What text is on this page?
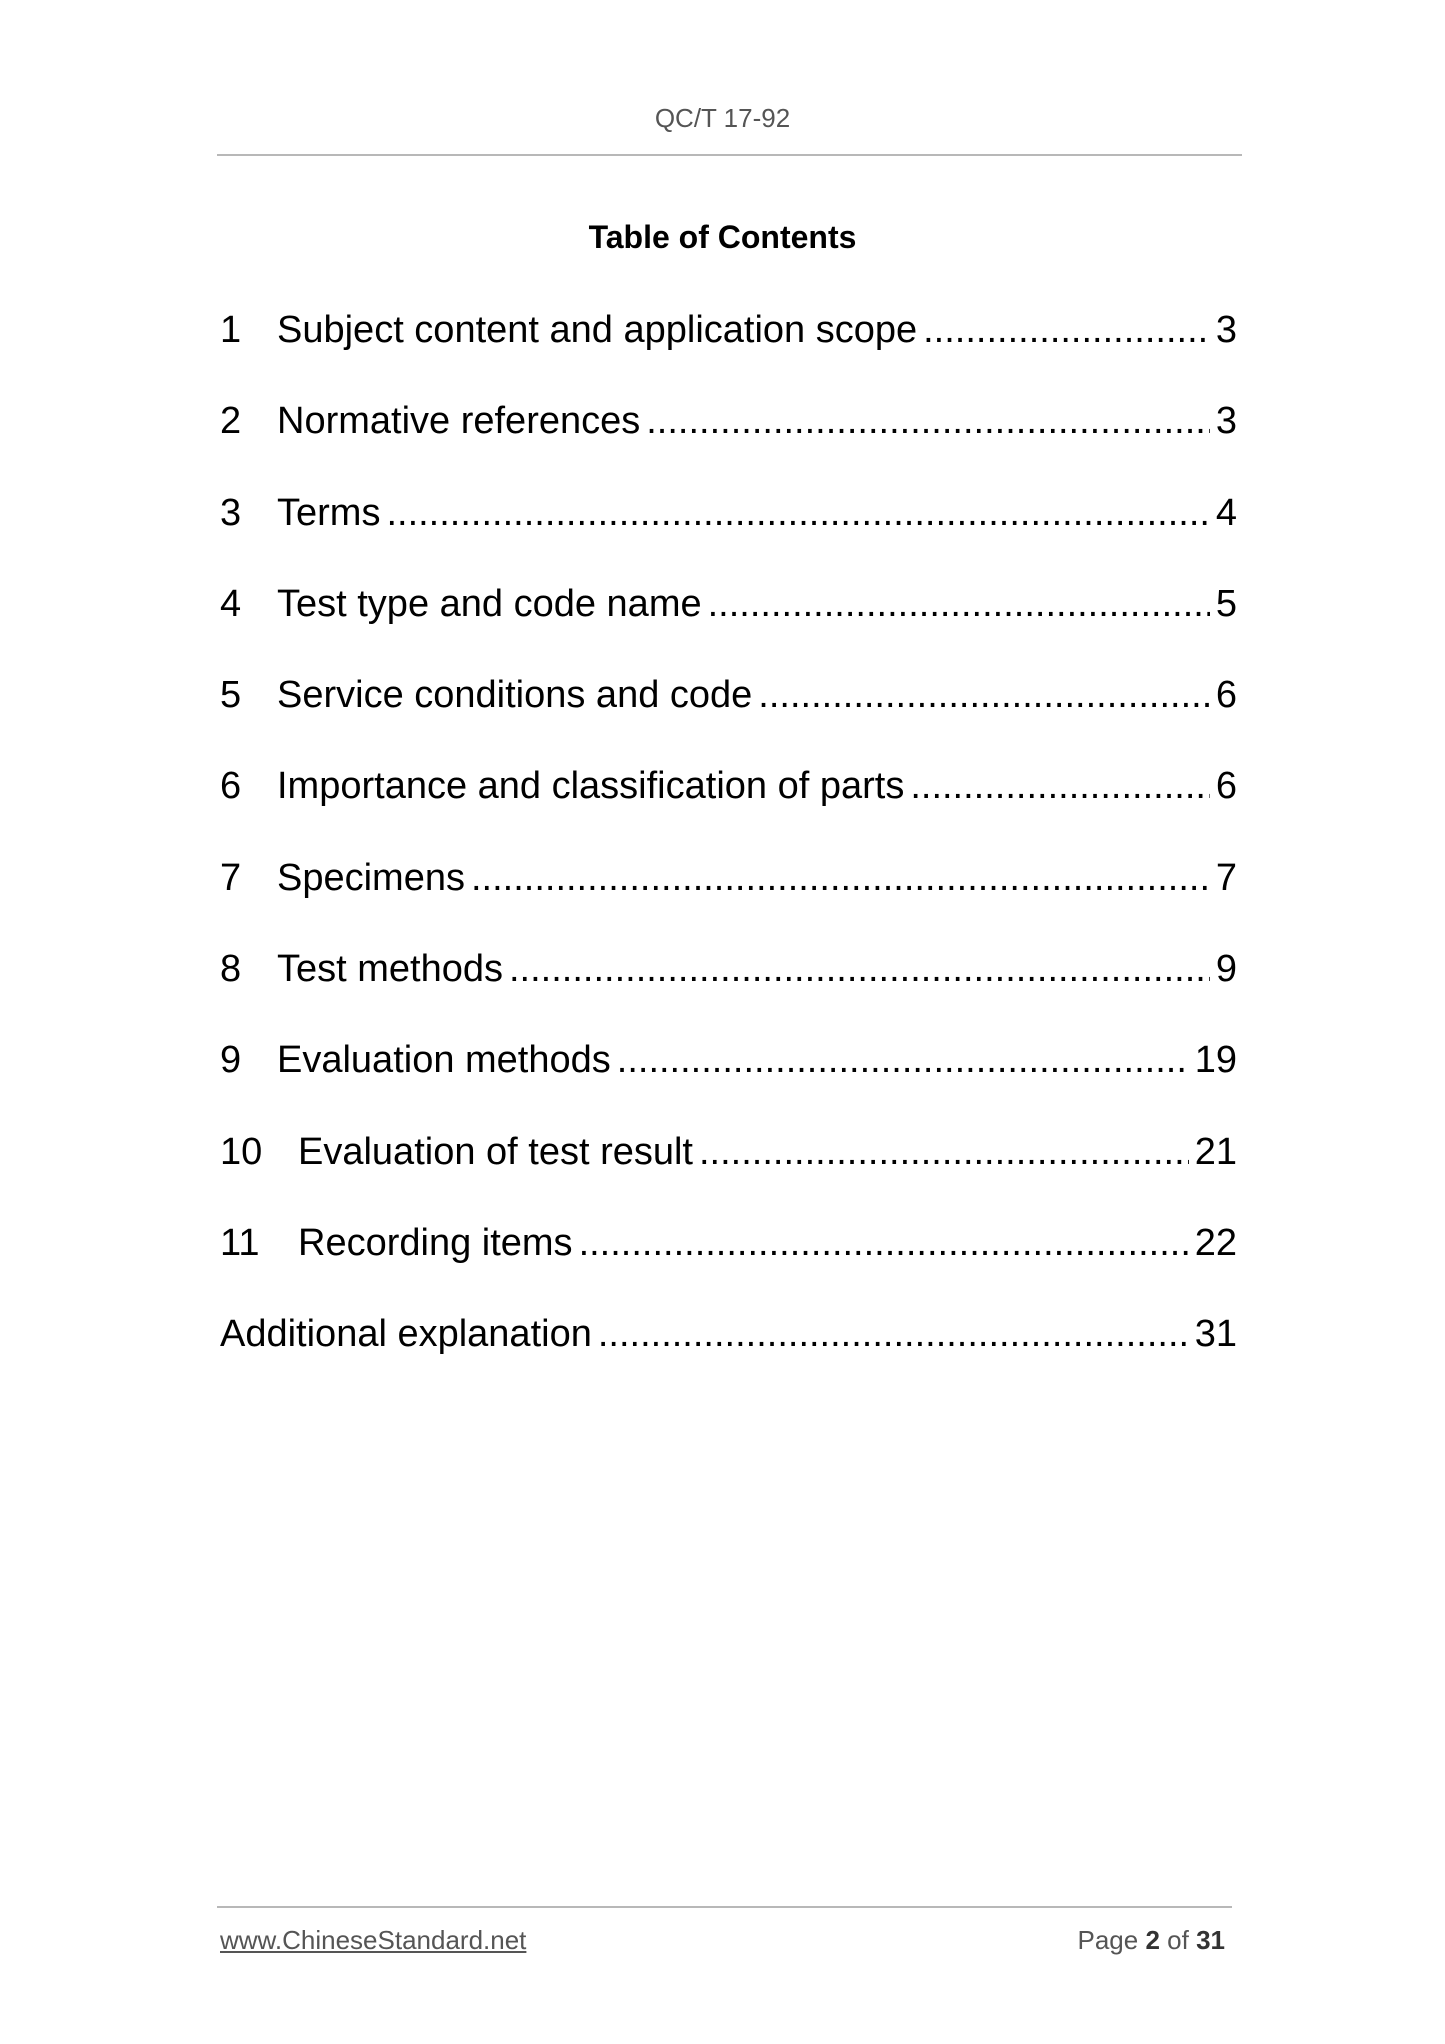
QC/T 17-92
Table of Contents
1 Subject content and application scope .....	3
2 Normative references .....	3
3 Terms .....	4
4 Test type and code name .....	5
5 Service conditions and code .....	6
6 Importance and classification of parts .....	6
7 Specimens .....	7
8 Test methods .....	9
9 Evaluation methods .....	19
10 Evaluation of test result .....	21
11	Recording items .....	22
Additional explanation .....	31
www.ChineseStandard.net	Page 2 of 31
